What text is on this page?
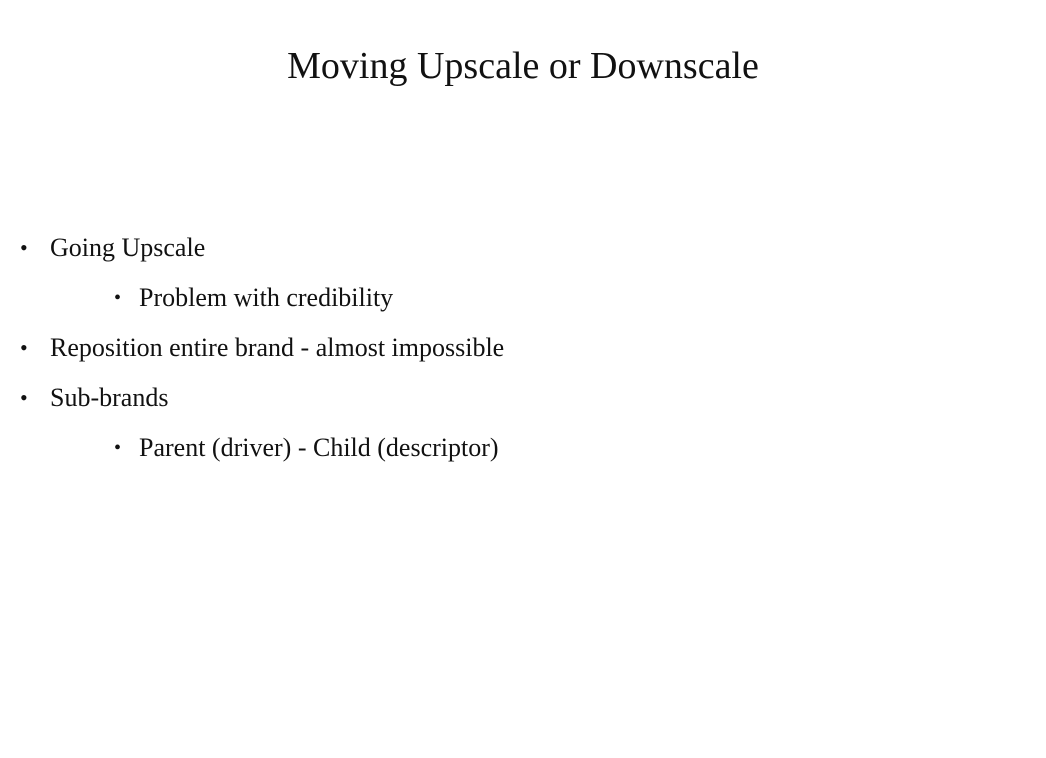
Moving Upscale or Downscale
• Going Upscale
• Problem with credibility
• Reposition entire brand - almost impossible
• Sub-brands
• Parent (driver) - Child (descriptor)
